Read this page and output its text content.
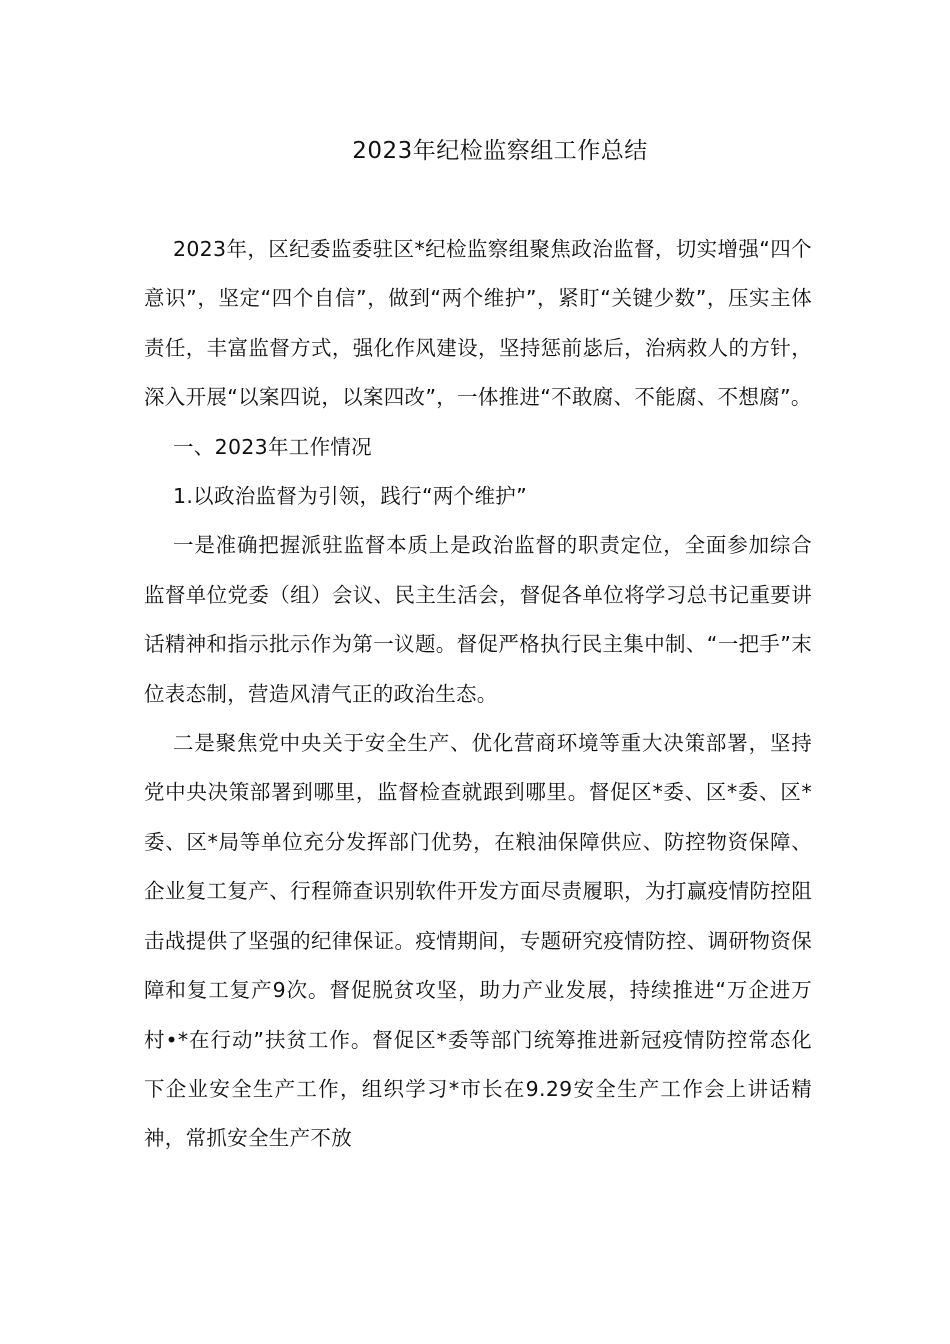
2023年纪检监察组工作总结

2023年，区纪委监委驻区*纪检监察组聚焦政治监督，切实增强“四个意识”，坚定“四个自信”，做到“两个维护”，紧盯“关键少数”，压实主体责任，丰富监督方式，强化作风建设，坚持惩前毖后，治病救人的方针，深入开展“以案四说，以案四改”，一体推进“不敢腐、不能腐、不想腐”。

一、2023年工作情况

1.以政治监督为引领，践行“两个维护”

一是准确把握派驻监督本质上是政治监督的职责定位，全面参加综合监督单位党委（组）会议、民主生活会，督促各单位将学习总书记重要讲话精神和指示批示作为第一议题。督促严格执行民主集中制、“一把手”末位表态制，营造风清气正的政治生态。

二是聚焦党中央关于安全生产、优化营商环境等重大决策部署，坚持党中央决策部署到哪里，监督检查就跟到哪里。督促区*委、区*委、区*委、区*局等单位充分发挥部门优势，在粮油保障供应、防控物资保障、企业复工复产、行程筛查识别软件开发方面尽责履职，为打赢疫情防控阻击战提供了坚强的纪律保证。疫情期间，专题研究疫情防控、调研物资保障和复工复产9次。督促脱贫攻坚，助力产业发展，持续推进“万企进万村•*在行动”扶贫工作。督促区*委等部门统筹推进新冠疫情防控常态化下企业安全生产工作，组织学习*市长在9.29安全生产工作会上讲话精神，常抓安全生产不放
